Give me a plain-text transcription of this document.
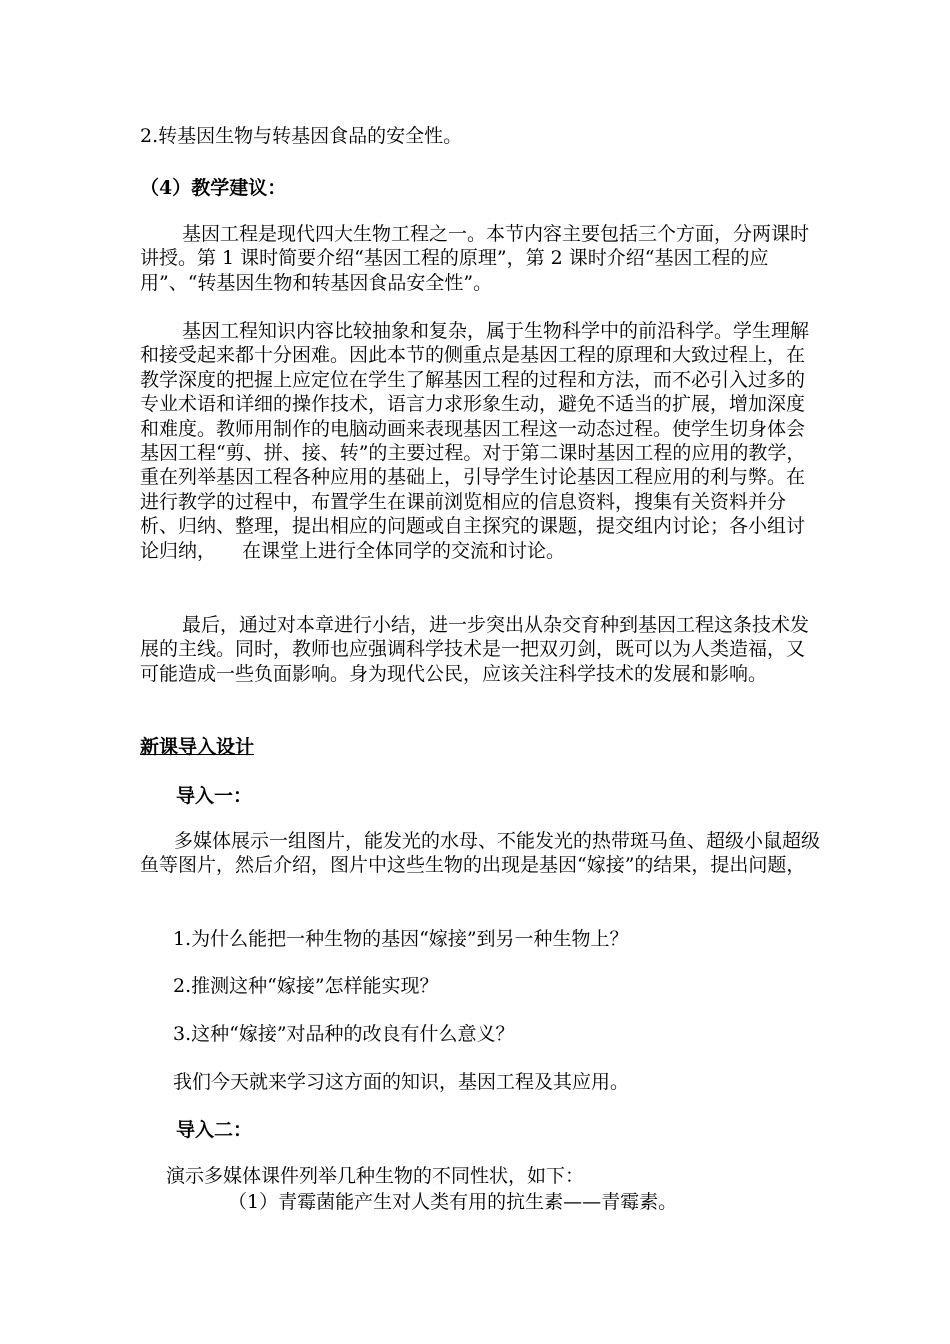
2.转基因生物与转基因食品的安全性。

（4）教学建议：

基因工程是现代四大生物工程之一。本节内容主要包括三个方面，分两课时讲授。第 1 课时简要介绍“基因工程的原理”，第 2 课时介绍“基因工程的应用”、“转基因生物和转基因食品安全性”。

基因工程知识内容比较抽象和复杂，属于生物科学中的前沿科学。学生理解和接受起来都十分困难。因此本节的侧重点是基因工程的原理和大致过程上，在教学深度的把握上应定位在学生了解基因工程的过程和方法，而不必引入过多的专业术语和详细的操作技术，语言力求形象生动，避免不适当的扩展，增加深度和难度。教师用制作的电脑动画来表现基因工程这一动态过程。使学生切身体会基因工程“剪、拼、接、转”的主要过程。对于第二课时基因工程的应用的教学，重在列举基因工程各种应用的基础上，引导学生讨论基因工程应用的利与弊。在进行教学的过程中，布置学生在课前浏览相应的信息资料，搜集有关资料并分析、归纳、整理，提出相应的问题或自主探究的课题，提交组内讨论；各小组讨论归纳， 在课堂上进行全体同学的交流和讨论。

最后，通过对本章进行小结，进一步突出从杂交育种到基因工程这条技术发展的主线。同时，教师也应强调科学技术是一把双刃剑，既可以为人类造福，又可能造成一些负面影响。身为现代公民，应该关注科学技术的发展和影响。

新课导入设计

导入一：

多媒体展示一组图片，能发光的水母、不能发光的热带斑马鱼、超级小鼠超级鱼等图片，然后介绍，图片中这些生物的出现是基因“嫁接”的结果，提出问题，

1.为什么能把一种生物的基因“嫁接”到另一种生物上？

2.推测这种“嫁接”怎样能实现？

3.这种“嫁接”对品种的改良有什么意义？

我们今天就来学习这方面的知识，基因工程及其应用。

导入二：

演示多媒体课件列举几种生物的不同性状，如下：

（1）青霉菌能产生对人类有用的抗生素——青霉素。
